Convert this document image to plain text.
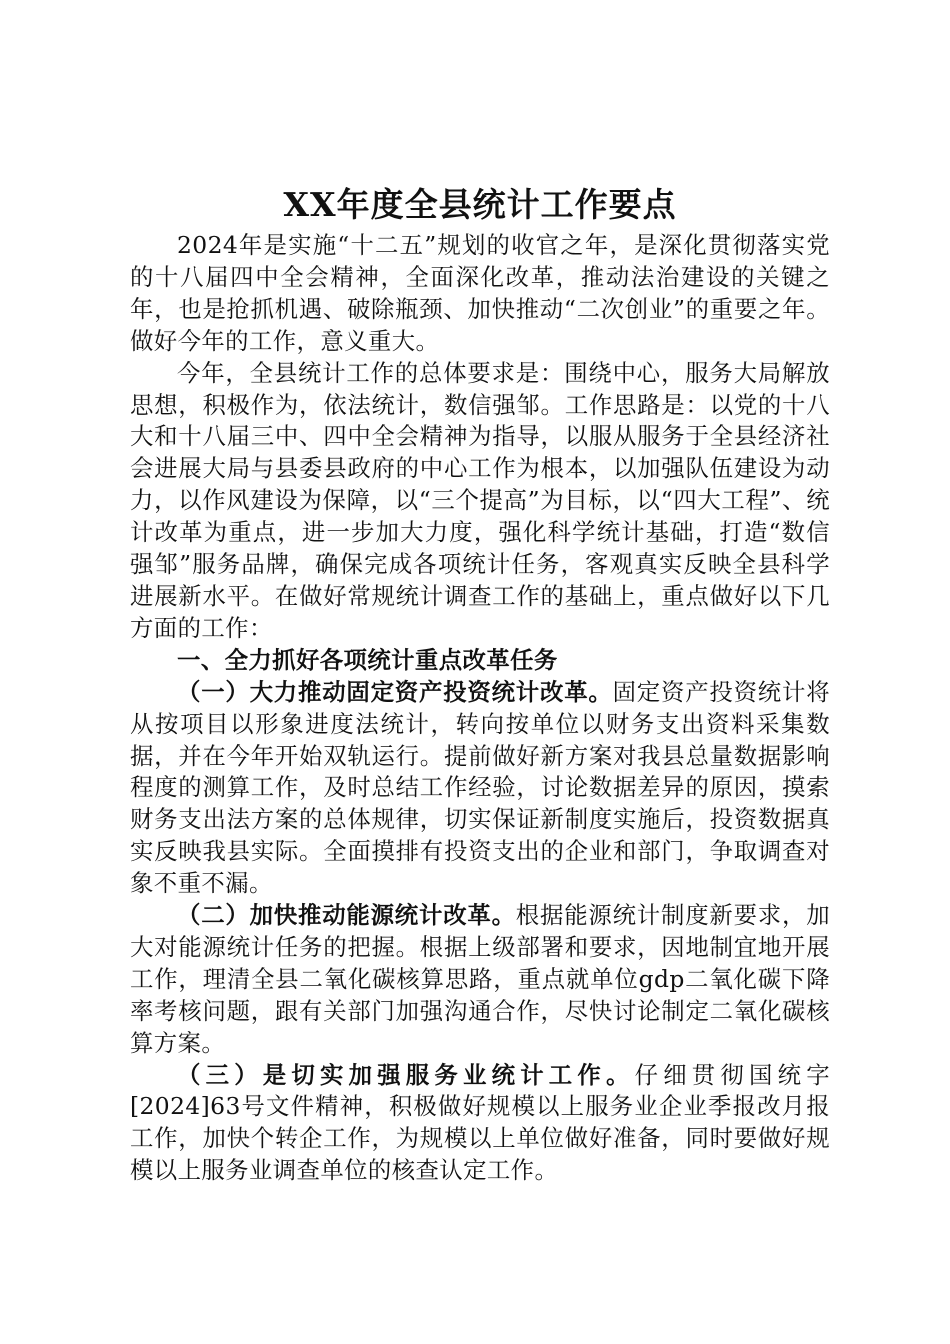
XX年度全县统计工作要点

2024年是实施“十二五”规划的收官之年，是深化贯彻落实党的十八届四中全会精神，全面深化改革，推动法治建设的关键之年，也是抢抓机遇、破除瓶颈、加快推动“二次创业”的重要之年。做好今年的工作，意义重大。

今年，全县统计工作的总体要求是：围绕中心，服务大局解放思想，积极作为，依法统计，数信强邹。工作思路是：以党的十八大和十八届三中、四中全会精神为指导，以服从服务于全县经济社会进展大局与县委县政府的中心工作为根本，以加强队伍建设为动力，以作风建设为保障，以“三个提高”为目标，以“四大工程”、统计改革为重点，进一步加大力度，强化科学统计基础，打造“数信强邹”服务品牌，确保完成各项统计任务，客观真实反映全县科学进展新水平。在做好常规统计调查工作的基础上，重点做好以下几方面的工作：

一、全力抓好各项统计重点改革任务

（一）大力推动固定资产投资统计改革。固定资产投资统计将从按项目以形象进度法统计，转向按单位以财务支出资料采集数据，并在今年开始双轨运行。提前做好新方案对我县总量数据影响程度的测算工作，及时总结工作经验，讨论数据差异的原因，摸索财务支出法方案的总体规律，切实保证新制度实施后，投资数据真实反映我县实际。全面摸排有投资支出的企业和部门，争取调查对象不重不漏。

（二）加快推动能源统计改革。根据能源统计制度新要求，加大对能源统计任务的把握。根据上级部署和要求，因地制宜地开展工作，理清全县二氧化碳核算思路，重点就单位gdp二氧化碳下降率考核问题，跟有关部门加强沟通合作，尽快讨论制定二氧化碳核算方案。

（三）是切实加强服务业统计工作。仔细贯彻国统字[2024]63号文件精神，积极做好规模以上服务业企业季报改月报工作，加快个转企工作，为规模以上单位做好准备，同时要做好规模以上服务业调查单位的核查认定工作。
